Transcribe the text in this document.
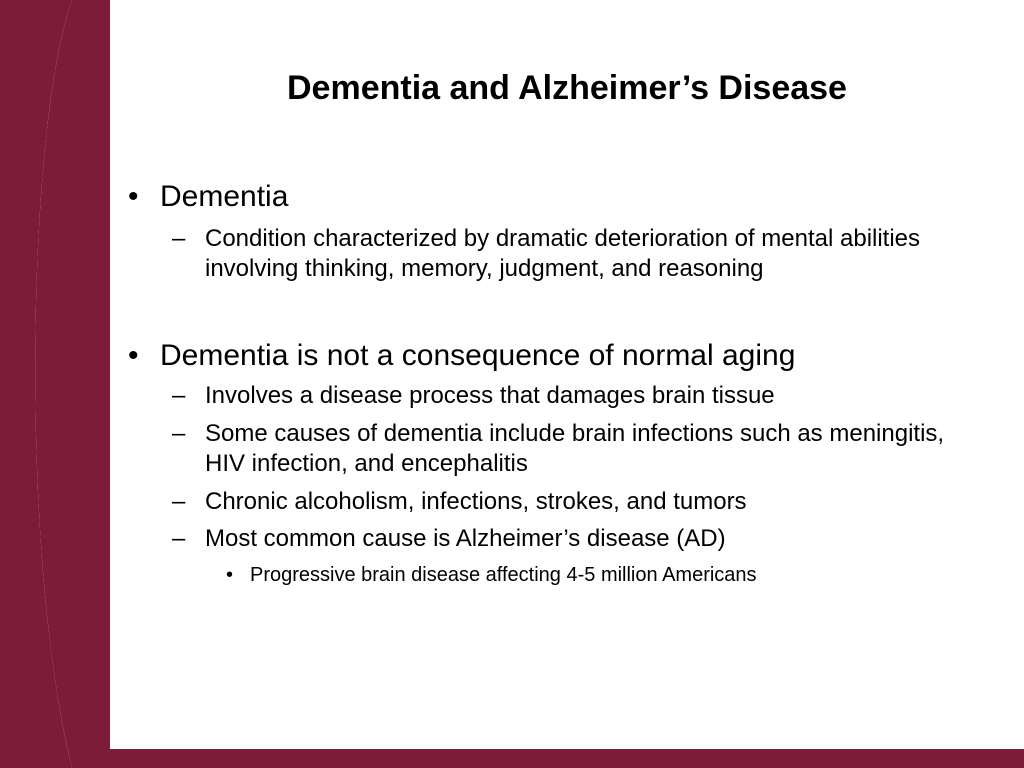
Dementia and Alzheimer’s Disease
• Dementia
– Condition characterized by dramatic deterioration of mental abilities involving thinking, memory, judgment, and reasoning
• Dementia is not a consequence of normal aging
– Involves a disease process that damages brain tissue
– Some causes of dementia include brain infections such as meningitis, HIV infection, and encephalitis
– Chronic alcoholism, infections, strokes, and tumors
– Most common cause is Alzheimer’s disease (AD)
• Progressive brain disease affecting 4-5 million Americans
